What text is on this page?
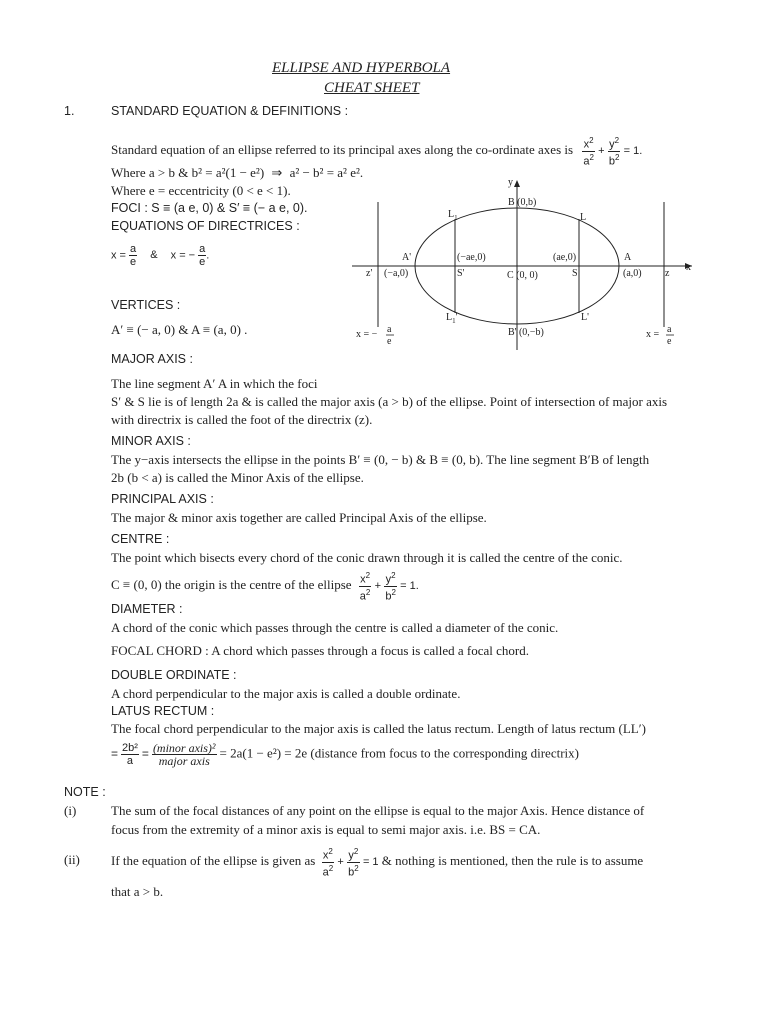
ELLIPSE AND HYPERBOLA
CHEAT SHEET
1.	STANDARD EQUATION & DEFINITIONS :
Standard equation of an ellipse referred to its principal axes along the co-ordinate axes is $\frac{x^2}{a^2} + \frac{y^2}{b^2} = 1$.
Where a > b & b² = a²(1 − e²) ⇒ a² − b² = a² e².
Where e = eccentricity (0 < e < 1).
FOCI : S ≡ (a e, 0) & S′ ≡ (− a e, 0).
EQUATIONS OF DIRECTRICES :
$x = \frac{a}{e}$ & x = − $\frac{a}{e}$ .
VERTICES :
A′ ≡ (− a, 0) & A ≡ (a, 0) .
MAJOR AXIS :
The line segment A′ A in which the foci
S′ & S lie is of length 2a & is called the major axis (a > b) of the ellipse. Point of intersection of major axis
with directrix is called the foot of the directrix (z).
MINOR AXIS :
The y−axis intersects the ellipse in the points B′ ≡ (0, − b) & B ≡ (0, b). The line segment B′B of length
2b (b < a) is called the Minor Axis of the ellipse.
PRINCIPAL AXIS :
The major & minor axis together are called Principal Axis of the ellipse.
CENTRE :
The point which bisects every chord of the conic drawn through it is called the centre of the conic.
C ≡ (0, 0) the origin is the centre of the ellipse $\frac{x^2}{a^2} + \frac{y^2}{b^2} = 1$.
DIAMETER :
A chord of the conic which passes through the centre is called a diameter of the conic.
FOCAL CHORD : A chord which passes through a focus is called a focal chord.
DOUBLE ORDINATE :
A chord perpendicular to the major axis is called a double ordinate.
LATUS RECTUM :
The focal chord perpendicular to the major axis is called the latus rectum. Length of latus rectum (LL′)
= $\frac{\text{2b²}}{a} = \frac{\text{(minor axis)²}}{\text{major axis}} = 2a(1 - e^2) = 2e$ (distance from focus to the corresponding directrix)
NOTE :
(i)	The sum of the focal distances of any point on the ellipse is equal to the major Axis. Hence distance of
focus from the extremity of a minor axis is equal to semi major axis. i.e. BS = CA.
(ii) If the equation of the ellipse is given as $\frac{x^2}{a^2} + \frac{y^2}{b^2} = 1$ & nothing is mentioned, then the rule is to assume
that a > b.
y
x
B (0,b)
B' (0,−b)
$L_1$	L
$L_1'$	L'
A'
(−a,0)
z'
(−ae,0)
S'	C (0, 0)
(ae,0)
S
A
(a,0) z
x = − a
e
x = a
e
